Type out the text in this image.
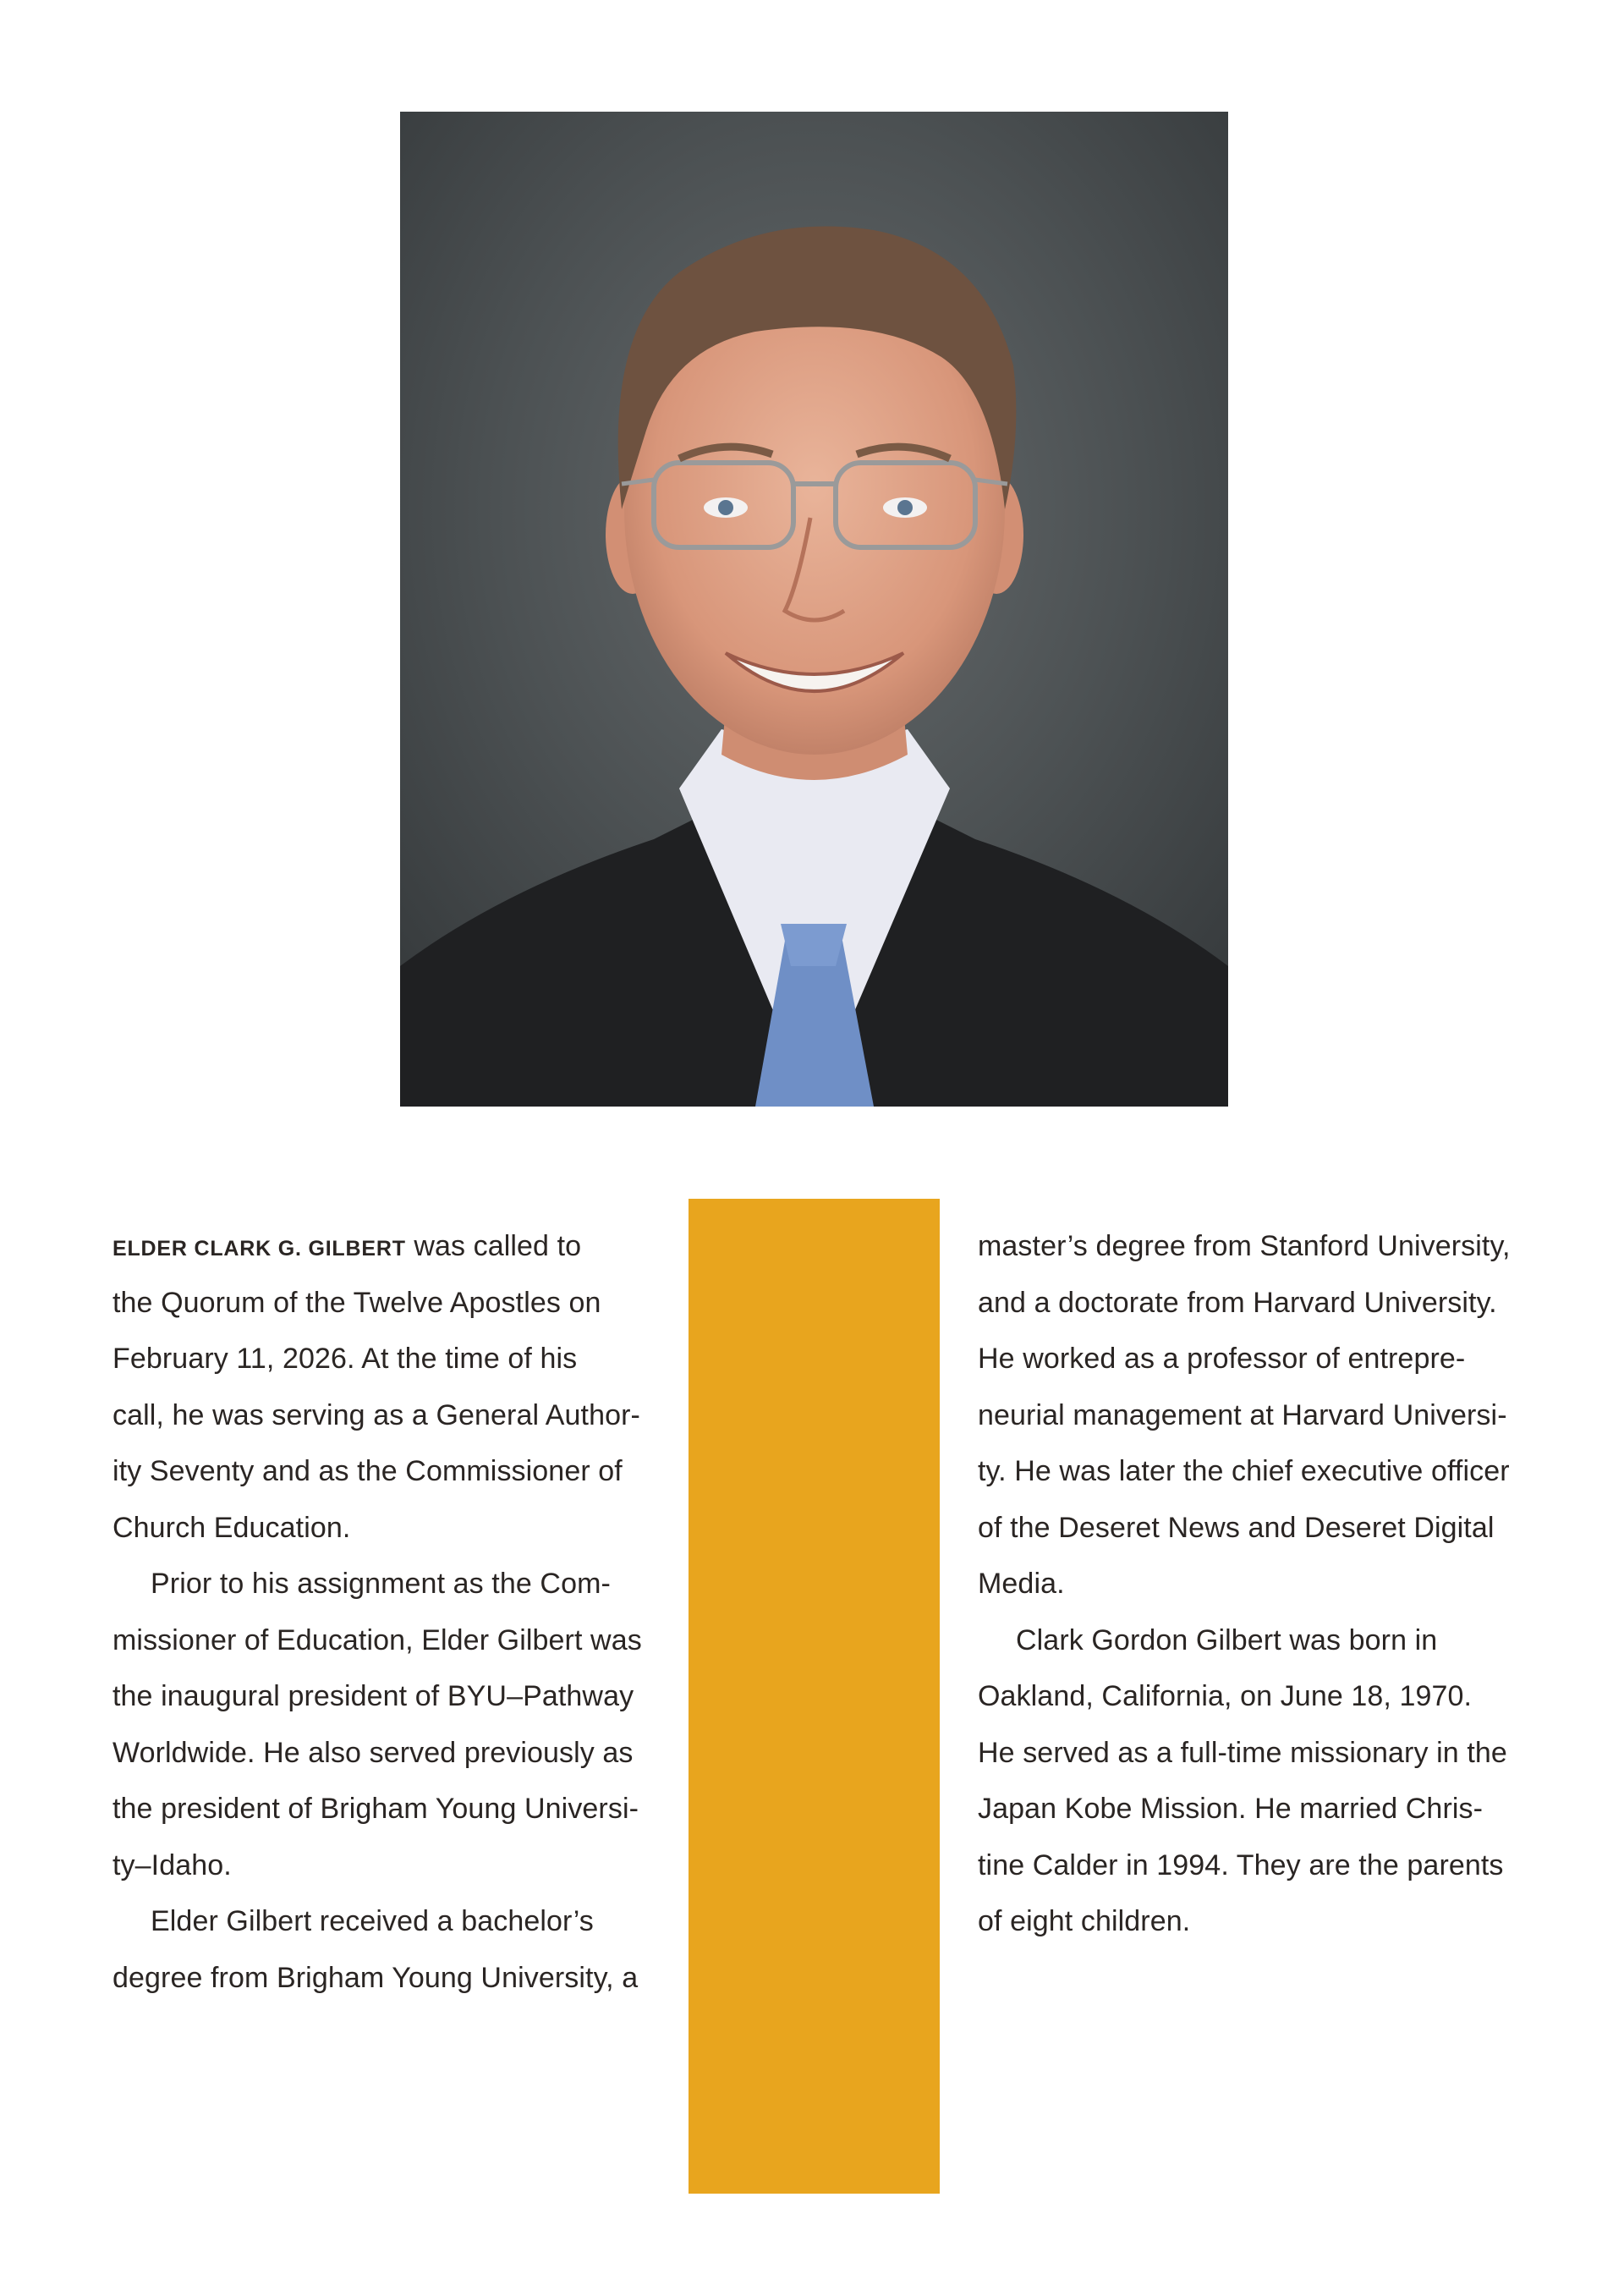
ELDER CLARK G. GILBERT was called to
the Quorum of the Twelve Apostles on
February 11, 2026. At the time of his
call, he was serving as a General Author-
ity Seventy and as the Commissioner of
Church Education.
Prior to his assignment as the Com-
missioner of Education, Elder Gilbert was
the inaugural president of BYU–Pathway
Worldwide. He also served previously as
the president of Brigham Young Universi-
ty–Idaho.
Elder Gilbert received a bachelor’s
degree from Brigham Young University, a
master’s degree from Stanford University,
and a doctorate from Harvard University.
He worked as a professor of entrepre-
neurial management at Harvard Universi-
ty. He was later the chief executive officer
of the Deseret News and Deseret Digital
Media.
Clark Gordon Gilbert was born in
Oakland, California, on June 18, 1970.
He served as a full-time missionary in the
Japan Kobe Mission. He married Chris-
tine Calder in 1994. They are the parents
of eight children.
